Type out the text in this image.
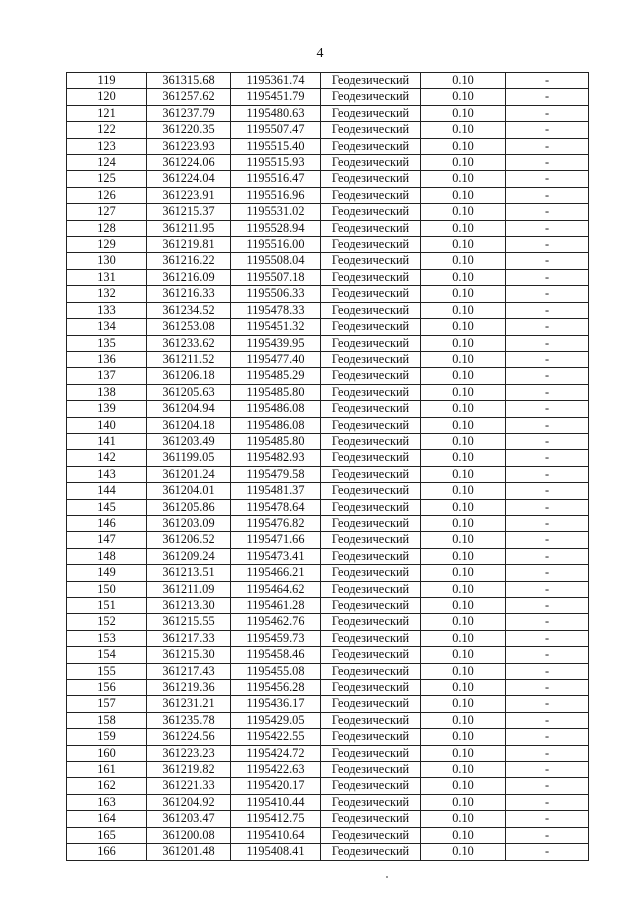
4
119	361315.68	1195361.74	Геодезический	0.10	-
120	361257.62	1195451.79	Геодезический	0.10	-
121	361237.79	1195480.63	Геодезический	0.10	-
122	361220.35	1195507.47	Геодезический	0.10	-
123	361223.93	1195515.40	Геодезический	0.10	-
124	361224.06	1195515.93	Геодезический	0.10	-
125	361224.04	1195516.47	Геодезический	0.10	-
126	361223.91	1195516.96	Геодезический	0.10	-
127	361215.37	1195531.02	Геодезический	0.10	-
128	361211.95	1195528.94	Геодезический	0.10	-
129	361219.81	1195516.00	Геодезический	0.10	-
130	361216.22	1195508.04	Геодезический	0.10	-
131	361216.09	1195507.18	Геодезический	0.10	-
132	361216.33	1195506.33	Геодезический	0.10	-
133	361234.52	1195478.33	Геодезический	0.10	-
134	361253.08	1195451.32	Геодезический	0.10	-
135	361233.62	1195439.95	Геодезический	0.10	-
136	361211.52	1195477.40	Геодезический	0.10	-
137	361206.18	1195485.29	Геодезический	0.10	-
138	361205.63	1195485.80	Геодезический	0.10	-
139	361204.94	1195486.08	Геодезический	0.10	-
140	361204.18	1195486.08	Геодезический	0.10	-
141	361203.49	1195485.80	Геодезический	0.10	-
142	361199.05	1195482.93	Геодезический	0.10	-
143	361201.24	1195479.58	Геодезический	0.10	-
144	361204.01	1195481.37	Геодезический	0.10	-
145	361205.86	1195478.64	Геодезический	0.10	-
146	361203.09	1195476.82	Геодезический	0.10	-
147	361206.52	1195471.66	Геодезический	0.10	-
148	361209.24	1195473.41	Геодезический	0.10	-
149	361213.51	1195466.21	Геодезический	0.10	-
150	361211.09	1195464.62	Геодезический	0.10	-
151	361213.30	1195461.28	Геодезический	0.10	-
152	361215.55	1195462.76	Геодезический	0.10	-
153	361217.33	1195459.73	Геодезический	0.10	-
154	361215.30	1195458.46	Геодезический	0.10	-
155	361217.43	1195455.08	Геодезический	0.10	-
156	361219.36	1195456.28	Геодезический	0.10	-
157	361231.21	1195436.17	Геодезический	0.10	-
158	361235.78	1195429.05	Геодезический	0.10	-
159	361224.56	1195422.55	Геодезический	0.10	-
160	361223.23	1195424.72	Геодезический	0.10	-
161	361219.82	1195422.63	Геодезический	0.10	-
162	361221.33	1195420.17	Геодезический	0.10	-
163	361204.92	1195410.44	Геодезический	0.10	-
164	361203.47	1195412.75	Геодезический	0.10	-
165	361200.08	1195410.64	Геодезический	0.10	-
166	361201.48	1195408.41	Геодезический	0.10	-
